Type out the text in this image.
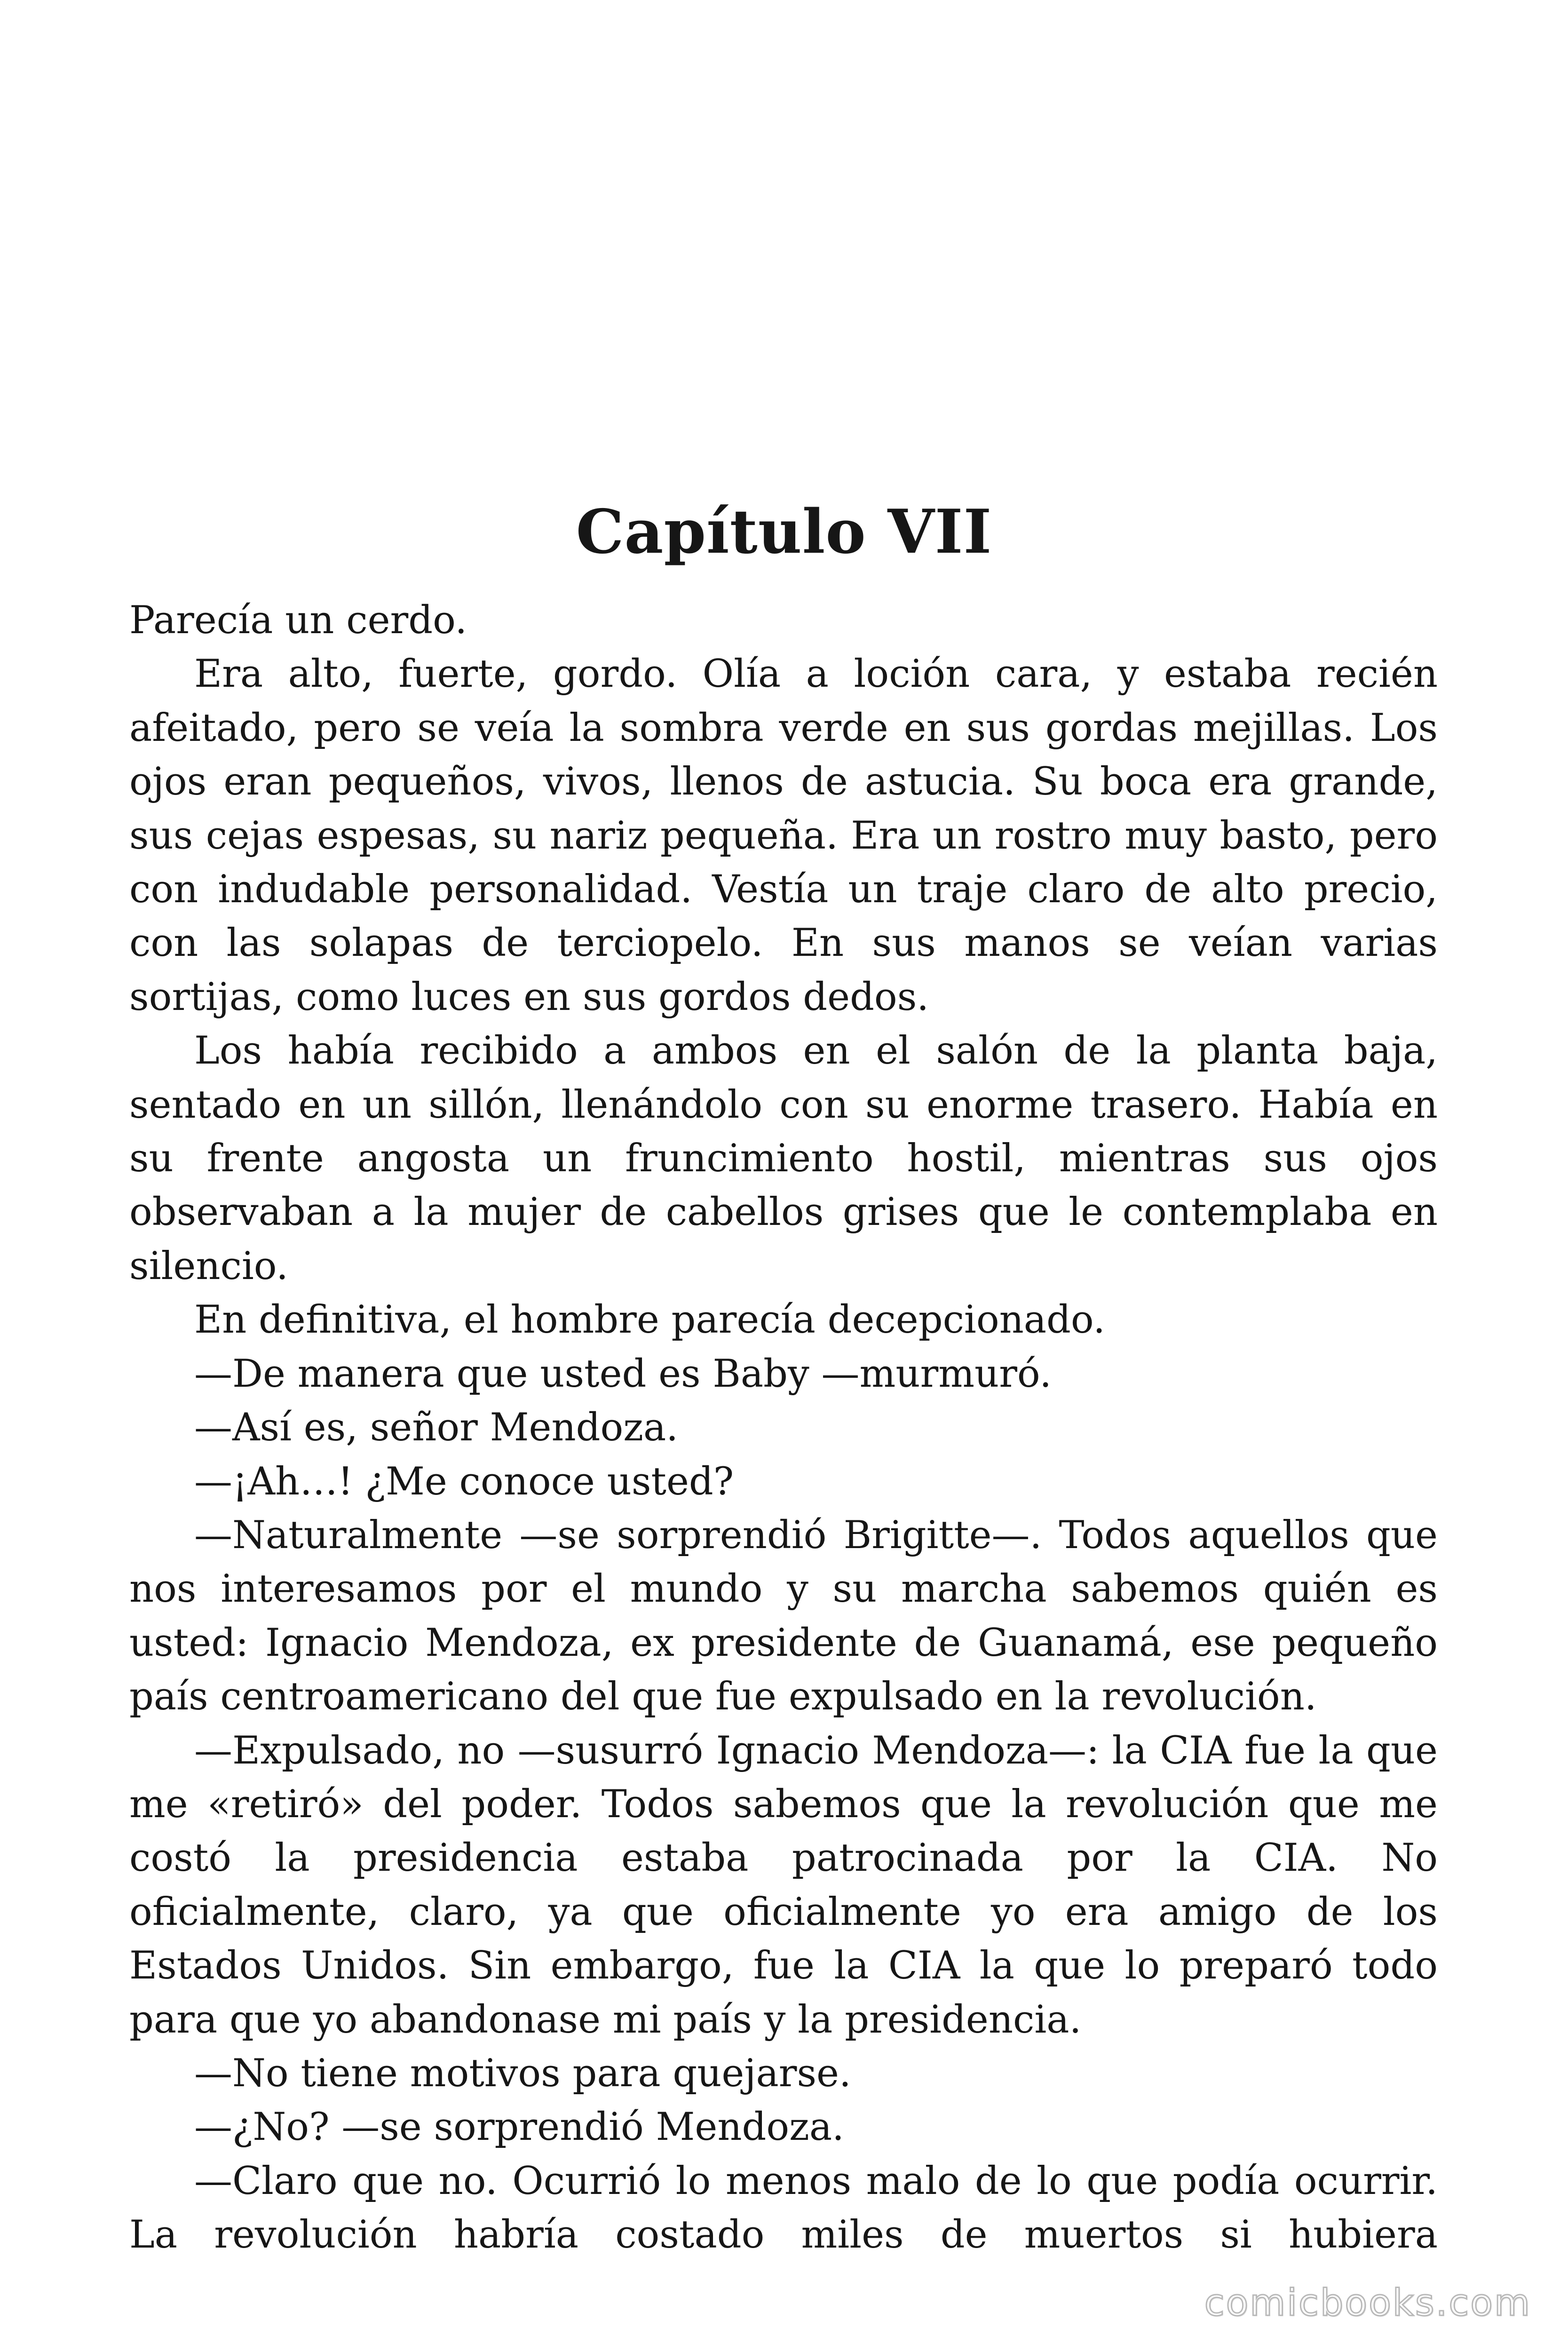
Capítulo VII

Parecía un cerdo.

Era alto, fuerte, gordo. Olía a loción cara, y estaba recién afeitado, pero se veía la sombra verde en sus gordas mejillas. Los ojos eran pequeños, vivos, llenos de astucia. Su boca era grande, sus cejas espesas, su nariz pequeña. Era un rostro muy basto, pero con indudable personalidad. Vestía un traje claro de alto precio, con las solapas de terciopelo. En sus manos se veían varias sortijas, como luces en sus gordos dedos.

Los había recibido a ambos en el salón de la planta baja, sentado en un sillón, llenándolo con su enorme trasero. Había en su frente angosta un fruncimiento hostil, mientras sus ojos observaban a la mujer de cabellos grises que le contemplaba en silencio.

En definitiva, el hombre parecía decepcionado.

—De manera que usted es Baby —murmuró.

—Así es, señor Mendoza.

—¡Ah…! ¿Me conoce usted?

—Naturalmente —se sorprendió Brigitte—. Todos aquellos que nos interesamos por el mundo y su marcha sabemos quién es usted: Ignacio Mendoza, ex presidente de Guanamá, ese pequeño país centroamericano del que fue expulsado en la revolución.

—Expulsado, no —susurró Ignacio Mendoza—: la CIA fue la que me «retiró» del poder. Todos sabemos que la revolución que me costó la presidencia estaba patrocinada por la CIA. No oficialmente, claro, ya que oficialmente yo era amigo de los Estados Unidos. Sin embargo, fue la CIA la que lo preparó todo para que yo abandonase mi país y la presidencia.

—No tiene motivos para quejarse.

—¿No? —se sorprendió Mendoza.

—Claro que no. Ocurrió lo menos malo de lo que podía ocurrir. La revolución habría costado miles de muertos si hubiera

comicbooks.com
